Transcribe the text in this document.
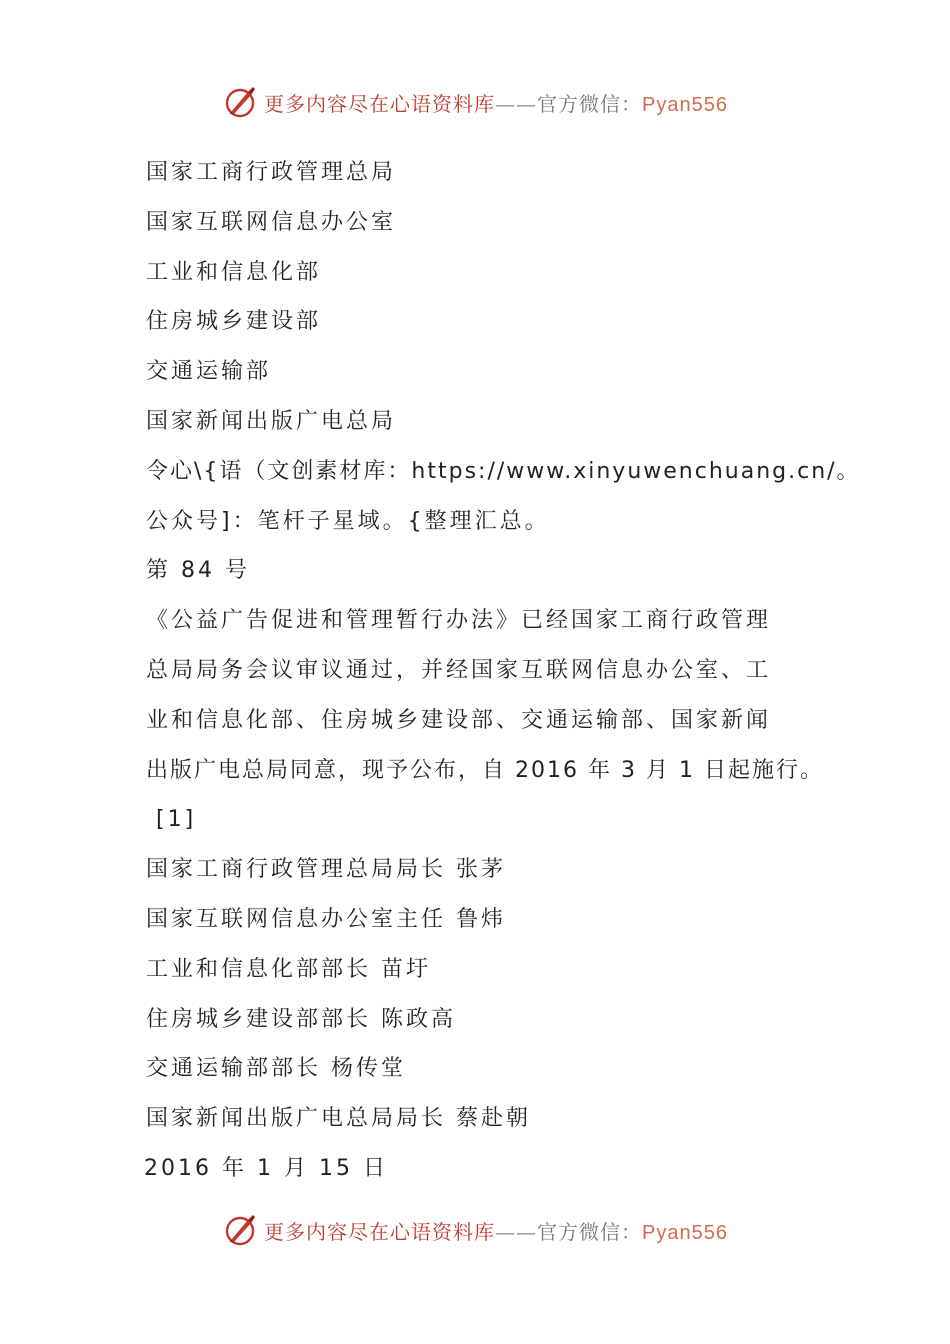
更多内容尽在心语资料库——官方微信：Pyan556
国家工商行政管理总局
国家互联网信息办公室
工业和信息化部
住房城乡建设部
交通运输部
国家新闻出版广电总局
令心\{语（文创素材库：https://www.xinyuwenchuang.cn/。
公众号]：笔杆子星域。{整理汇总。
第 84 号
《公益广告促进和管理暂行办法》已经国家工商行政管理
总局局务会议审议通过，并经国家互联网信息办公室、工
业和信息化部、住房城乡建设部、交通运输部、国家新闻
出版广电总局同意，现予公布，自 2016 年 3 月 1 日起施行。
[1]
国家工商行政管理总局局长 张茅
国家互联网信息办公室主任 鲁炜
工业和信息化部部长 苗圩
住房城乡建设部部长 陈政高
交通运输部部长 杨传堂
国家新闻出版广电总局局长 蔡赴朝
2016 年 1 月 15 日
更多内容尽在心语资料库——官方微信：Pyan556
